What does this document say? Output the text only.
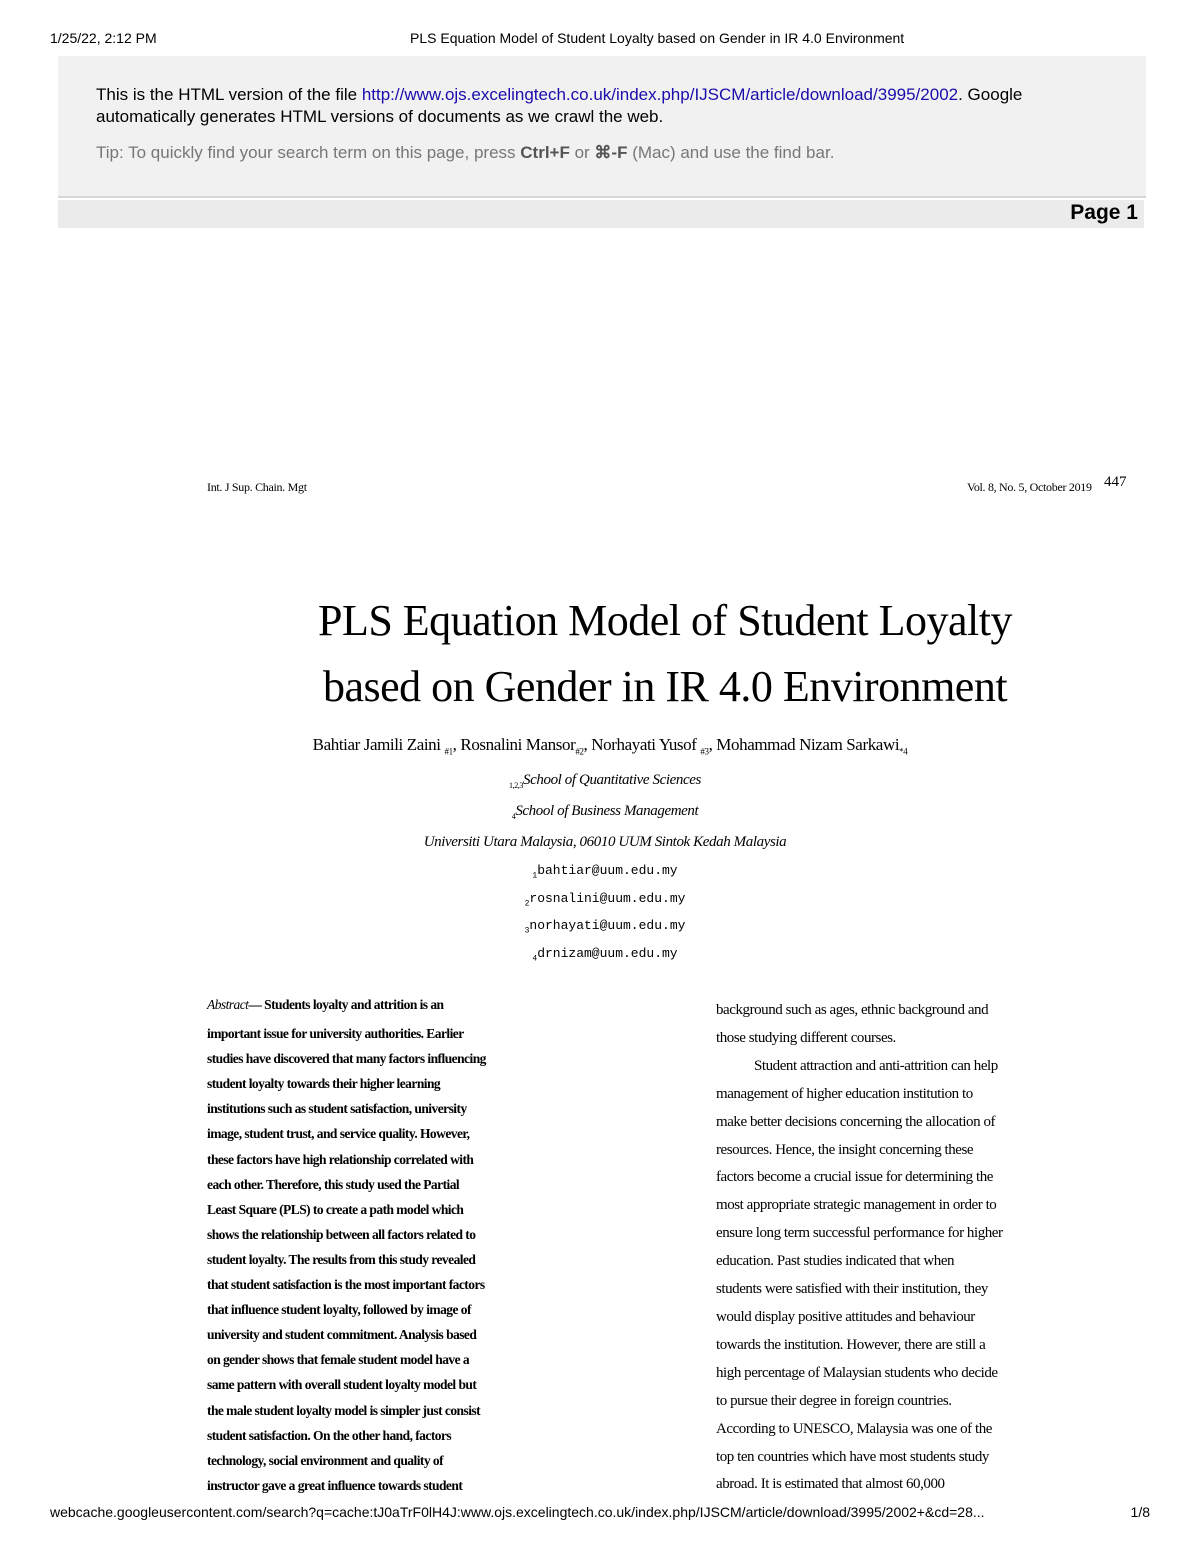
1/25/22, 2:12 PM	PLS Equation Model of Student Loyalty based on Gender in IR 4.0 Environment
This is the HTML version of the file http://www.ojs.excelingtech.co.uk/index.php/IJSCM/article/download/3995/2002. Google automatically generates HTML versions of documents as we crawl the web.
Tip: To quickly find your search term on this page, press Ctrl+F or ⌘-F (Mac) and use the find bar.
Page 1
Int. J Sup. Chain. Mgt	Vol. 8, No. 5, October 2019 447
PLS Equation Model of Student Loyalty
based on Gender in IR 4.0 Environment
Bahtiar Jamili Zaini $_{\#1}$, Rosnalini Mansor$_{\#2}$, Norhayati Yusof $_{\#3}$, Mohammad Nizam Sarkawi$_{*4}$
$_{1,2,3}$School of Quantitative Sciences
$_4$School of Business Management
Universiti Utara Malaysia, 06010 UUM Sintok Kedah Malaysia
$_1$bahtiar@uum.edu.my
$_2$rosnalini@uum.edu.my
$_3$norhayati@uum.edu.my
$_4$drnizam@uum.edu.my
Abstract— Students loyalty and attrition is an
important issue for university authorities. Earlier
studies have discovered that many factors influencing
student loyalty towards their higher learning
institutions such as student satisfaction, university
image, student trust, and service quality. However,
these factors have high relationship correlated with
each other. Therefore, this study used the Partial
Least Square (PLS) to create a path model which
shows the relationship between all factors related to
student loyalty. The results from this study revealed
that student satisfaction is the most important factors
that influence student loyalty, followed by image of
university and student commitment. Analysis based
on gender shows that female student model have a
same pattern with overall student loyalty model but
the male student loyalty model is simpler just consist
student satisfaction. On the other hand, factors
technology, social environment and quality of
instructor gave a great influence towards student
background such as ages, ethnic background and
those studying different courses.
Student attraction and anti-attrition can help
management of higher education institution to
make better decisions concerning the allocation of
resources. Hence, the insight concerning these
factors become a crucial issue for determining the
most appropriate strategic management in order to
ensure long term successful performance for higher
education. Past studies indicated that when
students were satisfied with their institution, they
would display positive attitudes and behaviour
towards the institution. However, there are still a
high percentage of Malaysian students who decide
to pursue their degree in foreign countries.
According to UNESCO, Malaysia was one of the
top ten countries which have most students study
abroad. It is estimated that almost 60,000
webcache.googleusercontent.com/search?q=cache:tJ0aTrF0lH4J:www.ojs.excelingtech.co.uk/index.php/IJSCM/article/download/3995/2002+&cd=28...	1/8
